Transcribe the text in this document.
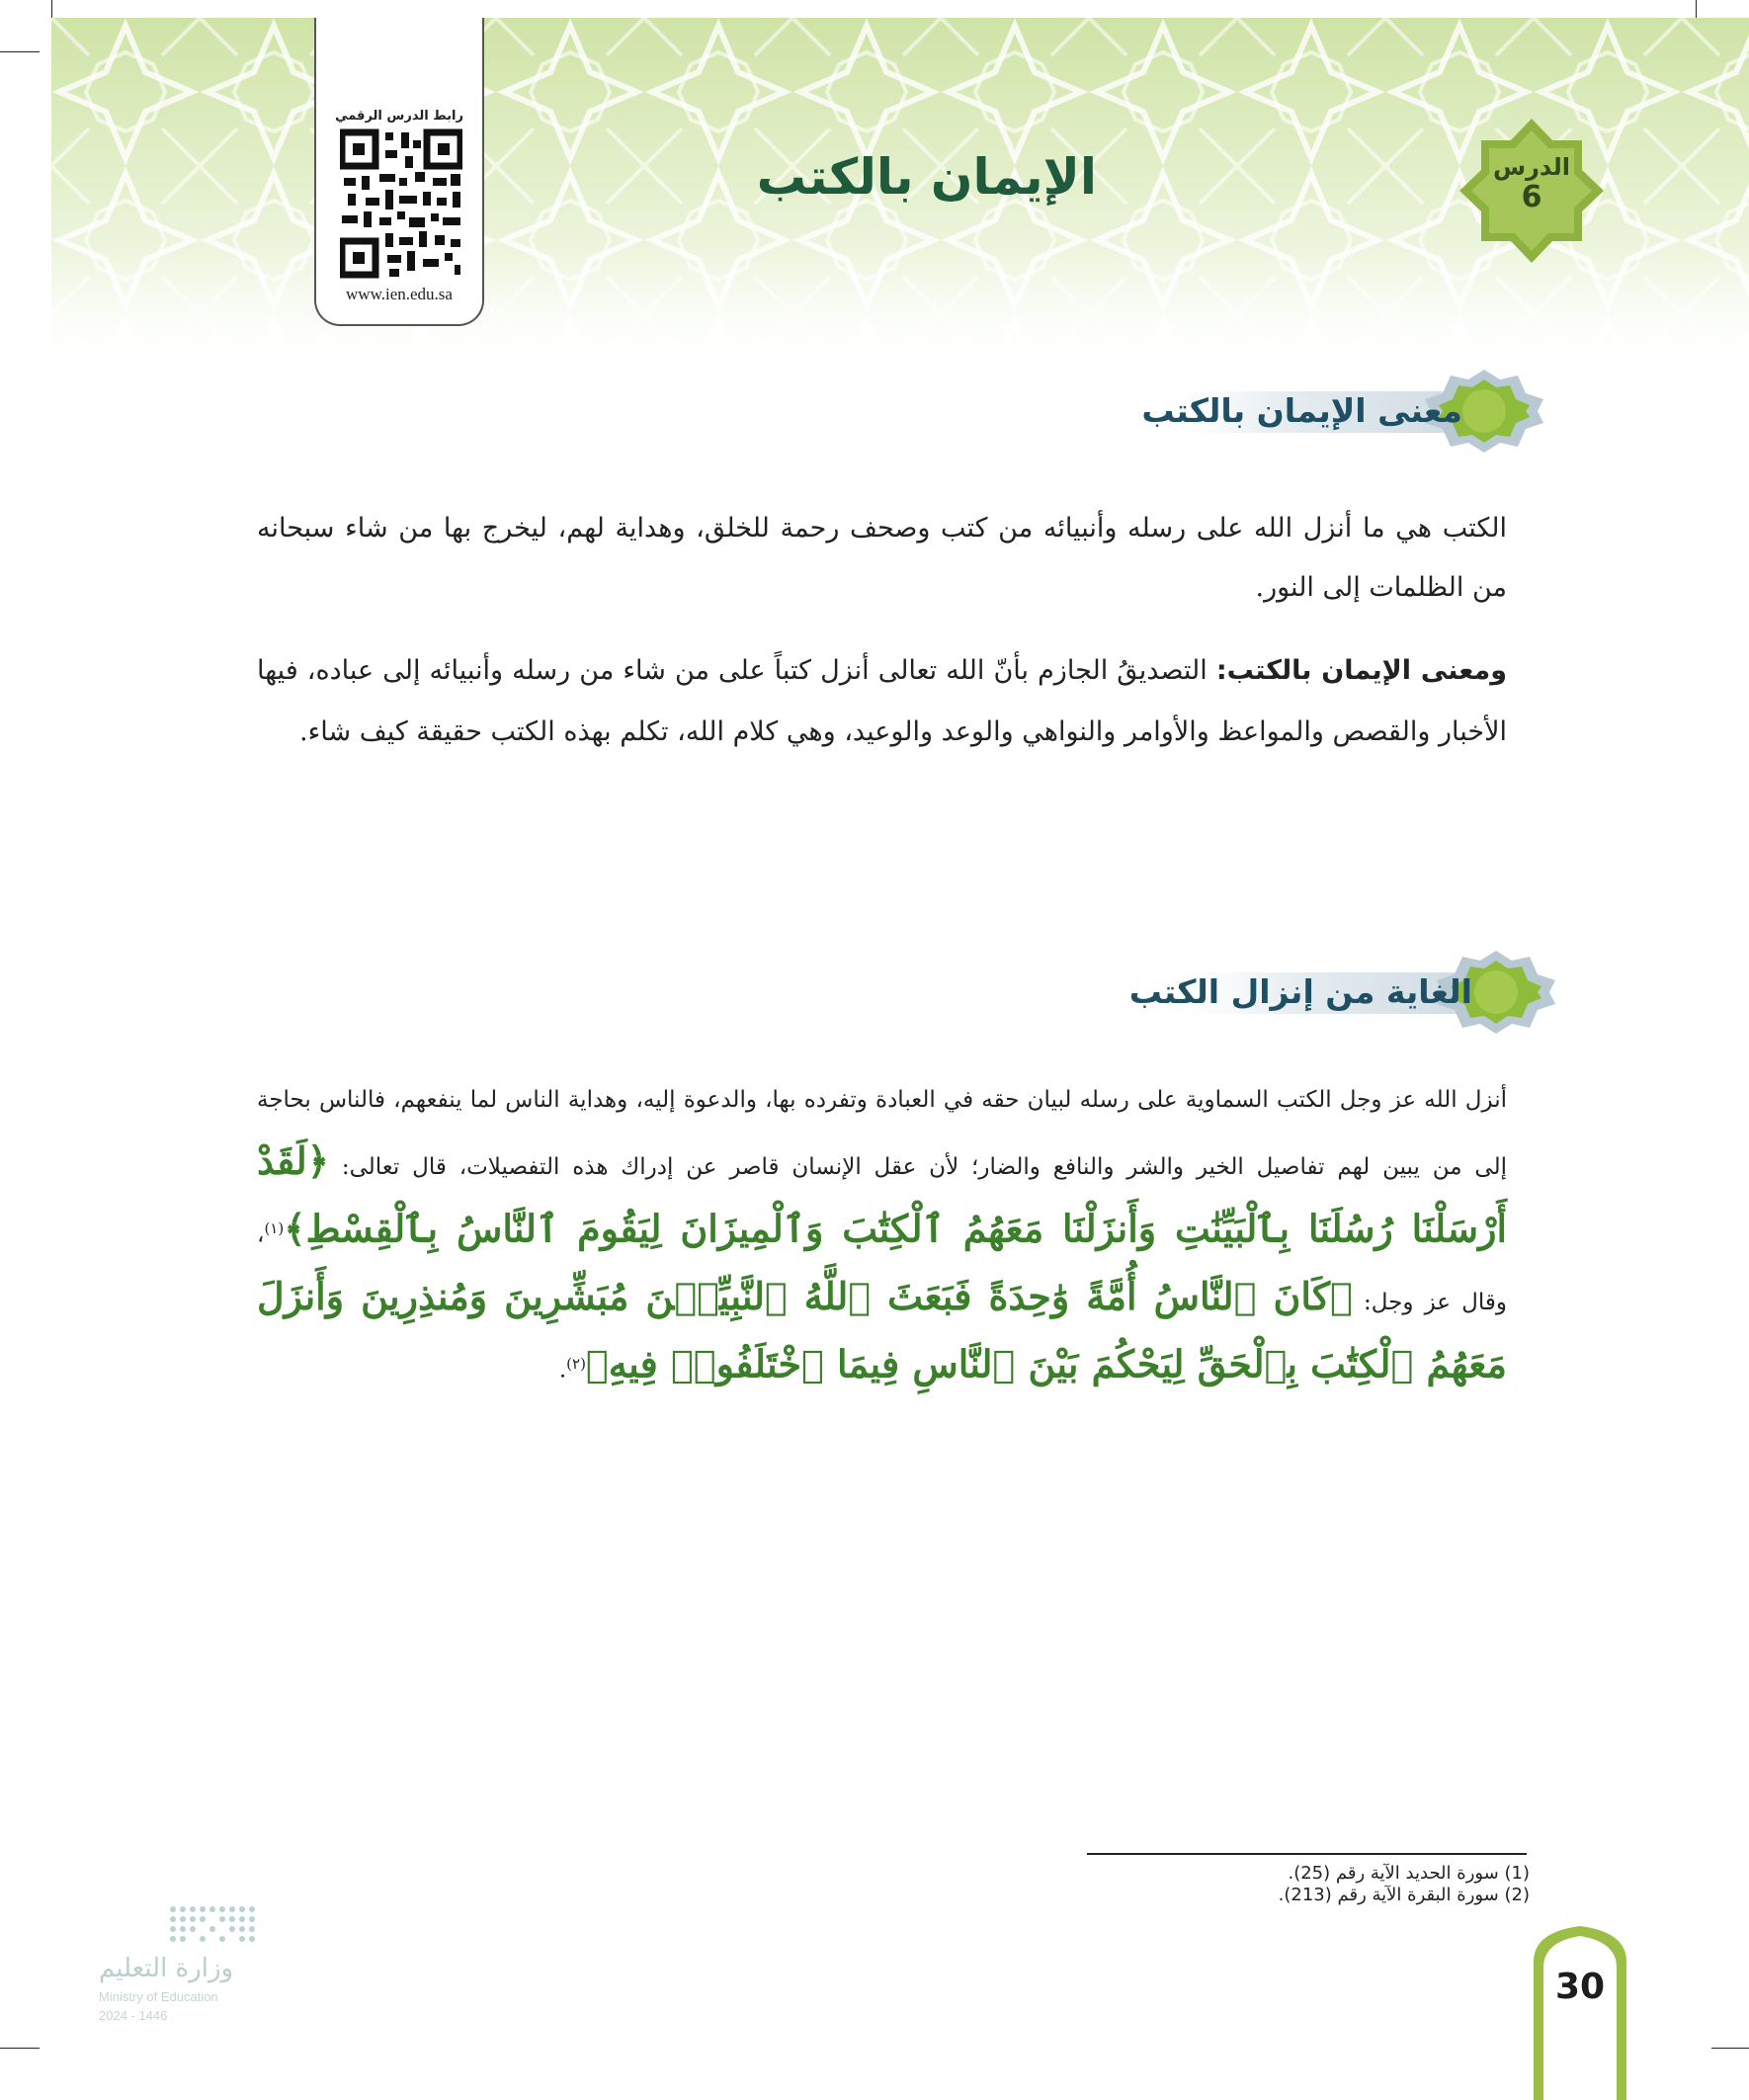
رابط الدرس الرقمي
www.ien.edu.sa
الدرس
6
الإيمان بالكتب
معنى الإيمان بالكتب
الكتب هي ما أنزل الله على رسله وأنبيائه من كتب وصحف رحمة للخلق، وهداية لهم، ليخرج بها من شاء سبحانه من الظلمات إلى النور.
ومعنى الإيمان بالكتب: التصديقُ الجازم بأنّ الله تعالى أنزل كتباً على من شاء من رسله وأنبيائه إلى عباده، فيها الأخبار والقصص والمواعظ والأوامر والنواهي والوعد والوعيد، وهي كلام الله، تكلم بهذه الكتب حقيقة كيف شاء.
الغاية من إنزال الكتب
أنزل الله عز وجل الكتب السماوية على رسله لبيان حقه في العبادة وتفرده بها، والدعوة إليه، وهداية الناس لما ينفعهم، فالناس بحاجة إلى من يبين لهم تفاصيل الخير والشر والنافع والضار؛ لأن عقل الإنسان قاصر عن إدراك هذه التفصيلات، قال تعالى: ﴿لَقَدْ أَرْسَلْنَا رُسُلَنَا بِٱلْبَيِّنَٰتِ وَأَنزَلْنَا مَعَهُمُ ٱلْكِتَٰبَ وَٱلْمِيزَانَ لِيَقُومَ ٱلنَّاسُ بِٱلْقِسْطِ﴾$^{(١)}$، وقال عز وجل: ﴿كَانَ ٱلنَّاسُ أُمَّةً وَٰحِدَةً فَبَعَثَ ٱللَّهُ ٱلنَّبِيِّـۧنَ مُبَشِّرِينَ وَمُنذِرِينَ وَأَنزَلَ مَعَهُمُ ٱلْكِتَٰبَ بِٱلْحَقِّ لِيَحْكُمَ بَيْنَ ٱلنَّاسِ فِيمَا ٱخْتَلَفُوا۟ فِيهِ﴾$^{(٢)}$.
(1) سورة الحديد الآية رقم (25).
(2) سورة البقرة الآية رقم (213).
وزارة التعليم
Ministry of Education
2024 - 1446
30
